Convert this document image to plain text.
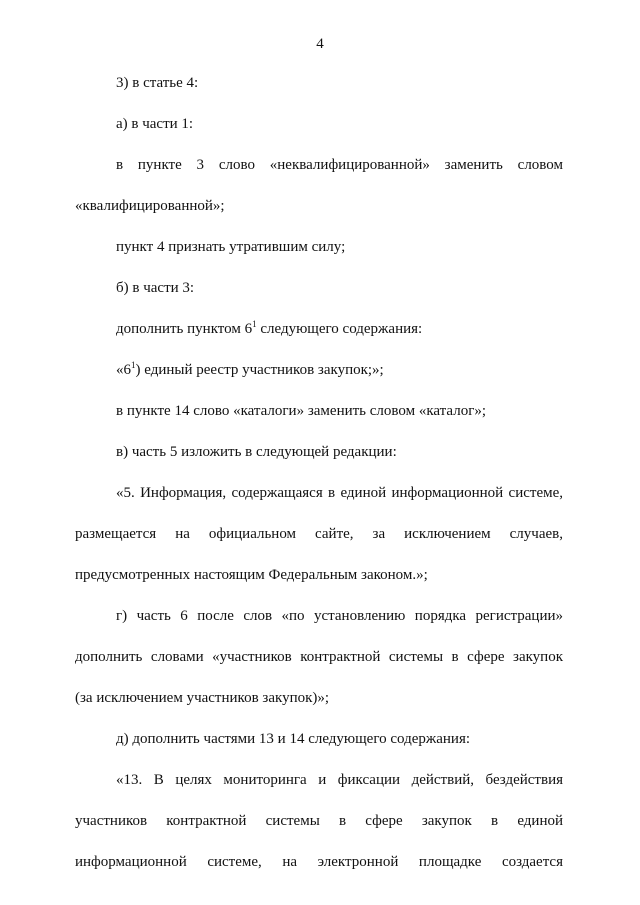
4
3) в статье 4:
а) в части 1:
в пункте 3 слово «неквалифицированной» заменить словом
«квалифицированной»;
пункт 4 признать утратившим силу;
б) в части 3:
дополнить пунктом $6^1$ следующего содержания:
«$6^1$) единый реестр участников закупок;»;
в пункте 14 слово «каталоги» заменить словом «каталог»;
в) часть 5 изложить в следующей редакции:
«5. Информация, содержащаяся в единой информационной системе,
размещается на официальном сайте, за исключением случаев,
предусмотренных настоящим Федеральным законом.»;
г) часть 6 после слов «по установлению порядка регистрации»
дополнить словами «участников контрактной системы в сфере закупок
(за исключением участников закупок)»;
д) дополнить частями 13 и 14 следующего содержания:
«13. В целях мониторинга и фиксации действий, бездействия
участников контрактной системы в сфере закупок в единой
информационной системе, на электронной площадке создается
